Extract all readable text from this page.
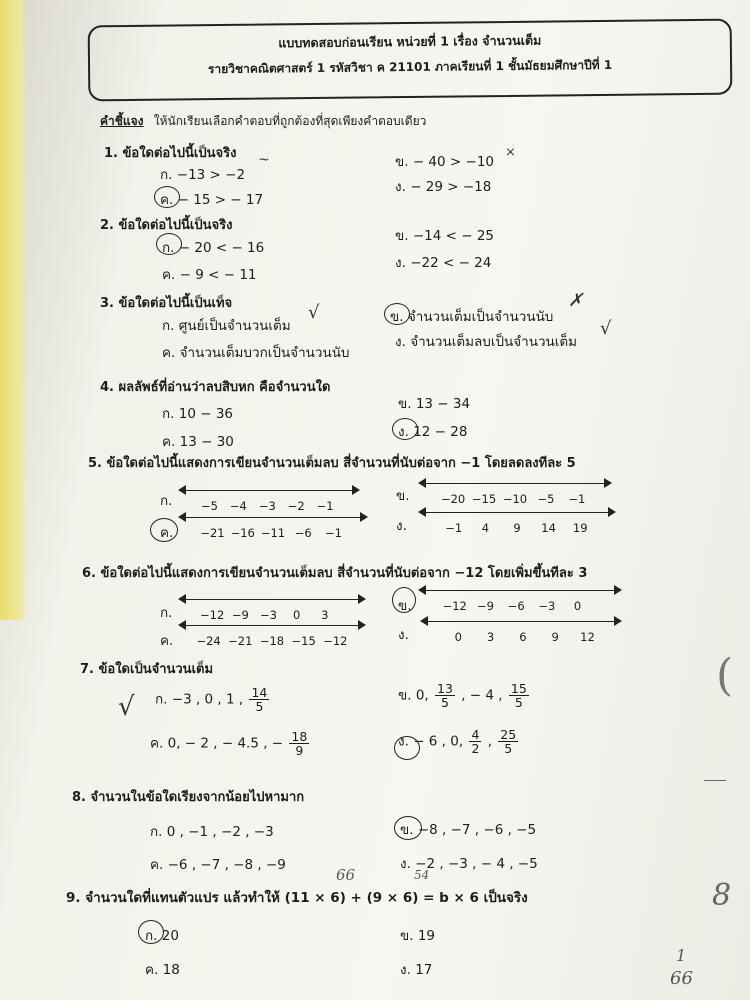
แบบทดสอบก่อนเรียน หน่วยที่ 1 เรื่อง จำนวนเต็ม
รายวิชาคณิตศาสตร์ 1 รหัสวิชา ค 21101 ภาคเรียนที่ 1 ชั้นมัธยมศึกษาปีที่ 1
คำชี้แจง ให้นักเรียนเลือกคำตอบที่ถูกต้องที่สุดเพียงคำตอบเดียว
1. ข้อใดต่อไปนี้เป็นจริง
ก. −13 > −2
ข. − 40 > −10
ค. − 15 > − 17
ง. − 29 > −18
~	×
2. ข้อใดต่อไปนี้เป็นจริง
ก. − 20 < − 16
ข. −14 < − 25
ค. − 9 < − 11
ง. −22 < − 24
3. ข้อใดต่อไปนี้เป็นเท็จ
ก. ศูนย์เป็นจำนวนเต็ม
ข. จำนวนเต็มเป็นจำนวนนับ
ค. จำนวนเต็มบวกเป็นจำนวนนับ
ง. จำนวนเต็มลบเป็นจำนวนเต็ม
√
✗
√
4. ผลลัพธ์ที่อ่านว่าลบสิบหก คือจำนวนใด
ก. 10 − 36
ข. 13 − 34
ค. 13 − 30
ง. 12 − 28
5. ข้อใดต่อไปนี้แสดงการเขียนจำนวนเต็มลบ สี่จำนวนที่นับต่อจาก −1 โดยลดลงทีละ 5
ก. −5 −4 −3 −2 −1
ข.	−20 −15 −10 −5 −1
ค. −21 −16 −11 −6 −1	ง.	−1 4 9 14 19
6. ข้อใดต่อไปนี้แสดงการเขียนจำนวนเต็มลบ สี่จำนวนที่นับต่อจาก −12 โดยเพิ่มขึ้นทีละ 3
ก. −12 −9 −3 0 3
ข.	−12 −9 −6 −3 0
ค. −24 −21 −18 −15 −12	ง.	0 3 6 9 12
7. ข้อใดเป็นจำนวนเต็ม
ก. −3 , 0 , 1 , $\frac{14}{5}$	ข. 0, $\frac{13}{5}$ , − 4 , $\frac{15}{5}$
ค. 0, − 2 , − 4.5 , − $\frac{18}{9}$	ง. − 6 , 0, $\frac{4}{2}$ , $\frac{25}{5}$
√
8. จำนวนในข้อใดเรียงจากน้อยไปหามาก
ก. 0 , −1 , −2 , −3	ข. −8 , −7 , −6 , −5
ค. −6 , −7 , −8 , −9	ง. −2 , −3 , − 4 , −5
66	54
9. จำนวนใดที่แทนตัวแปร แล้วทำให้ (11 × 6) + (9 × 6) = b × 6 เป็นจริง
ก. 20	ข. 19
ค. 18	ง. 17
8
1
66
(
